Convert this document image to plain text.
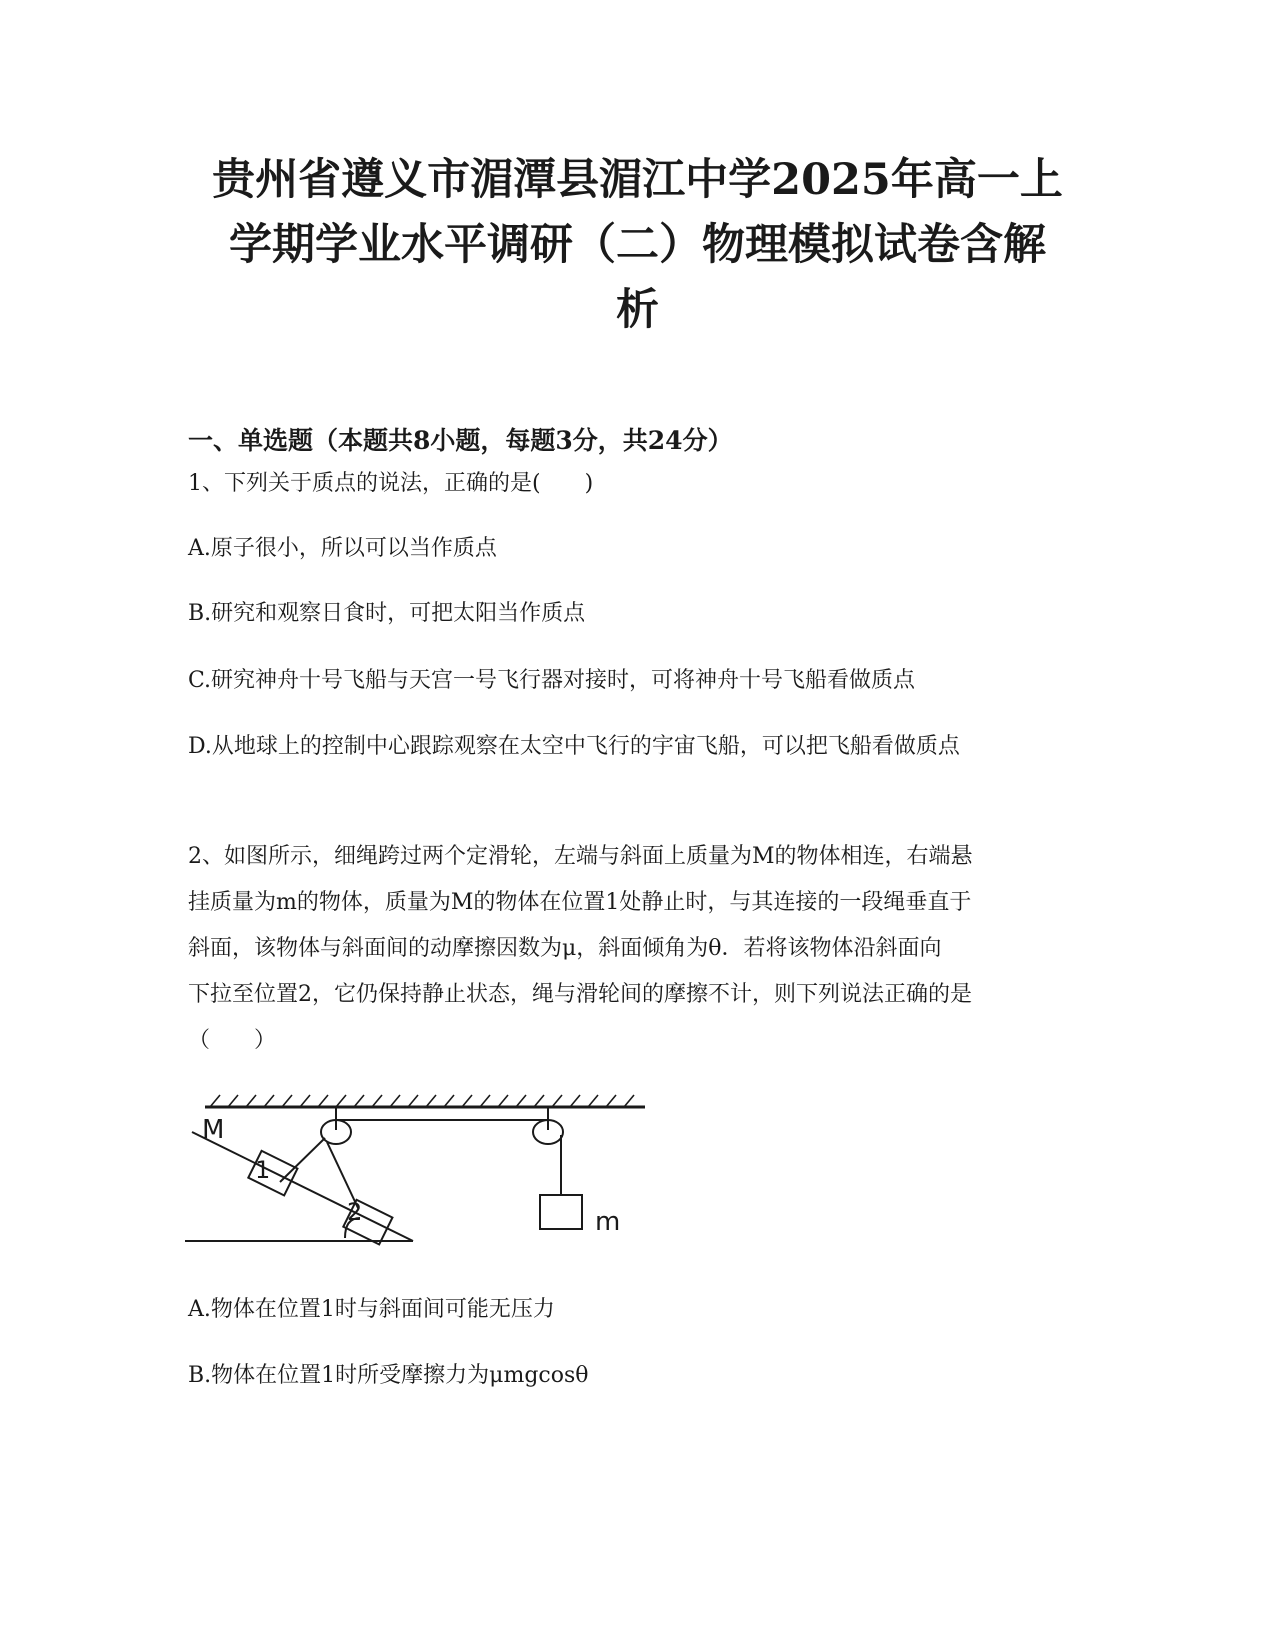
贵州省遵义市湄潭县湄江中学2025年高一上
学期学业水平调研（二）物理模拟试卷含解
析
一、单选题（本题共8小题，每题3分，共24分）

1、下列关于质点的说法，正确的是(　　)

A.原子很小，所以可以当作质点

B.研究和观察日食时，可把太阳当作质点

C.研究神舟十号飞船与天宫一号飞行器对接时，可将神舟十号飞船看做质点

D.从地球上的控制中心跟踪观察在太空中飞行的宇宙飞船，可以把飞船看做质点

2、如图所示，细绳跨过两个定滑轮，左端与斜面上质量为M的物体相连，右端悬
挂质量为m的物体，质量为M的物体在位置1处静止时，与其连接的一段绳垂直于
斜面，该物体与斜面间的动摩擦因数为μ，斜面倾角为θ．若将该物体沿斜面向
下拉至位置2，它仍保持静止状态，绳与滑轮间的摩擦不计，则下列说法正确的是
（　　）
M
1
2	m

A.物体在位置1时与斜面间可能无压力

B.物体在位置1时所受摩擦力为μmgcosθ
